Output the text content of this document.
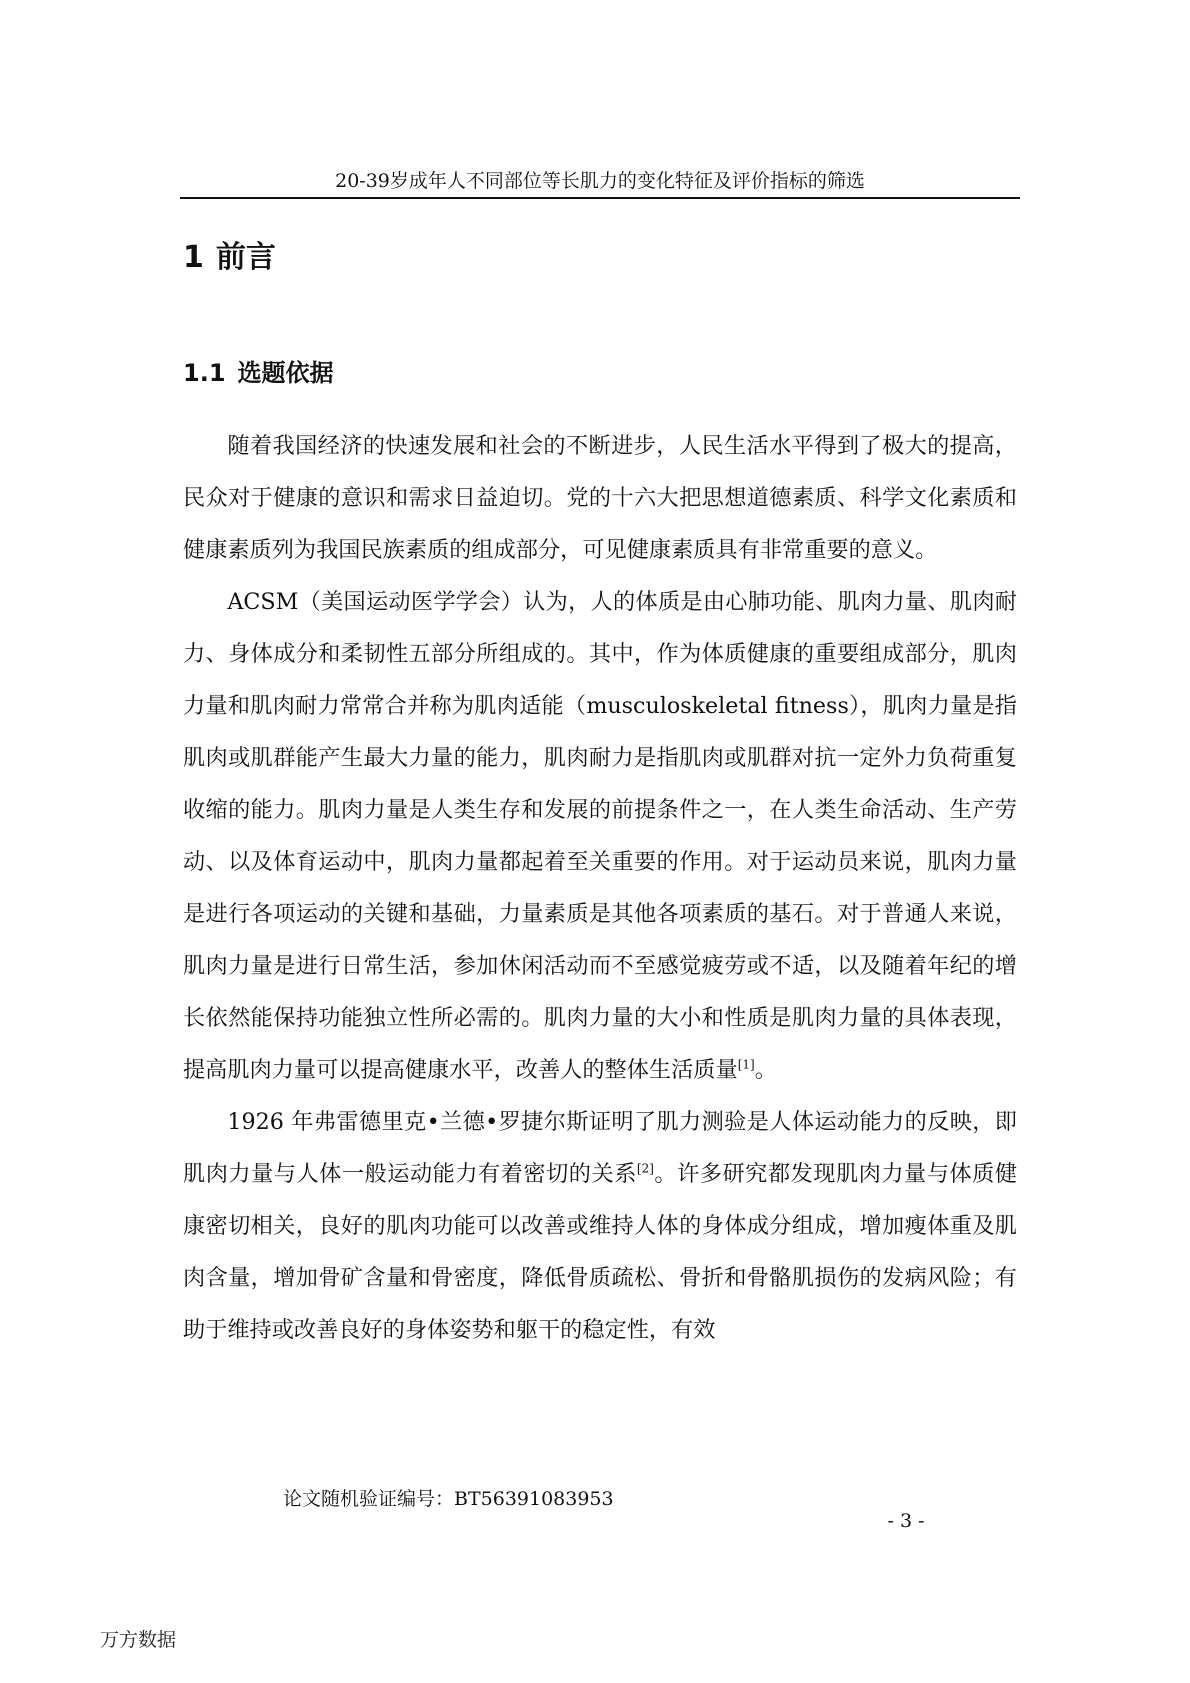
20-39岁成年人不同部位等长肌力的变化特征及评价指标的筛选
1 前言
1.1 选题依据

随着我国经济的快速发展和社会的不断进步，人民生活水平得到了极大的提高，民众对于健康的意识和需求日益迫切。党的十六大把思想道德素质、科学文化素质和健康素质列为我国民族素质的组成部分，可见健康素质具有非常重要的意义。

ACSM（美国运动医学学会）认为，人的体质是由心肺功能、肌肉力量、肌肉耐力、身体成分和柔韧性五部分所组成的。其中，作为体质健康的重要组成部分，肌肉力量和肌肉耐力常常合并称为肌肉适能（musculoskeletal fitness），肌肉力量是指肌肉或肌群能产生最大力量的能力，肌肉耐力是指肌肉或肌群对抗一定外力负荷重复收缩的能力。肌肉力量是人类生存和发展的前提条件之一，在人类生命活动、生产劳动、以及体育运动中，肌肉力量都起着至关重要的作用。对于运动员来说，肌肉力量是进行各项运动的关键和基础，力量素质是其他各项素质的基石。对于普通人来说，肌肉力量是进行日常生活，参加休闲活动而不至感觉疲劳或不适，以及随着年纪的增长依然能保持功能独立性所必需的。肌肉力量的大小和性质是肌肉力量的具体表现，提高肌肉力量可以提高健康水平，改善人的整体生活质量[1]。

1926 年弗雷德里克•兰德•罗捷尔斯证明了肌力测验是人体运动能力的反映，即肌肉力量与人体一般运动能力有着密切的关系[2]。许多研究都发现肌肉力量与体质健康密切相关，良好的肌肉功能可以改善或维持人体的身体成分组成，增加瘦体重及肌肉含量，增加骨矿含量和骨密度，降低骨质疏松、骨折和骨骼肌损伤的发病风险；有助于维持或改善良好的身体姿势和躯干的稳定性，有效

论文随机验证编号：BT56391083953
- 3 -
万方数据
